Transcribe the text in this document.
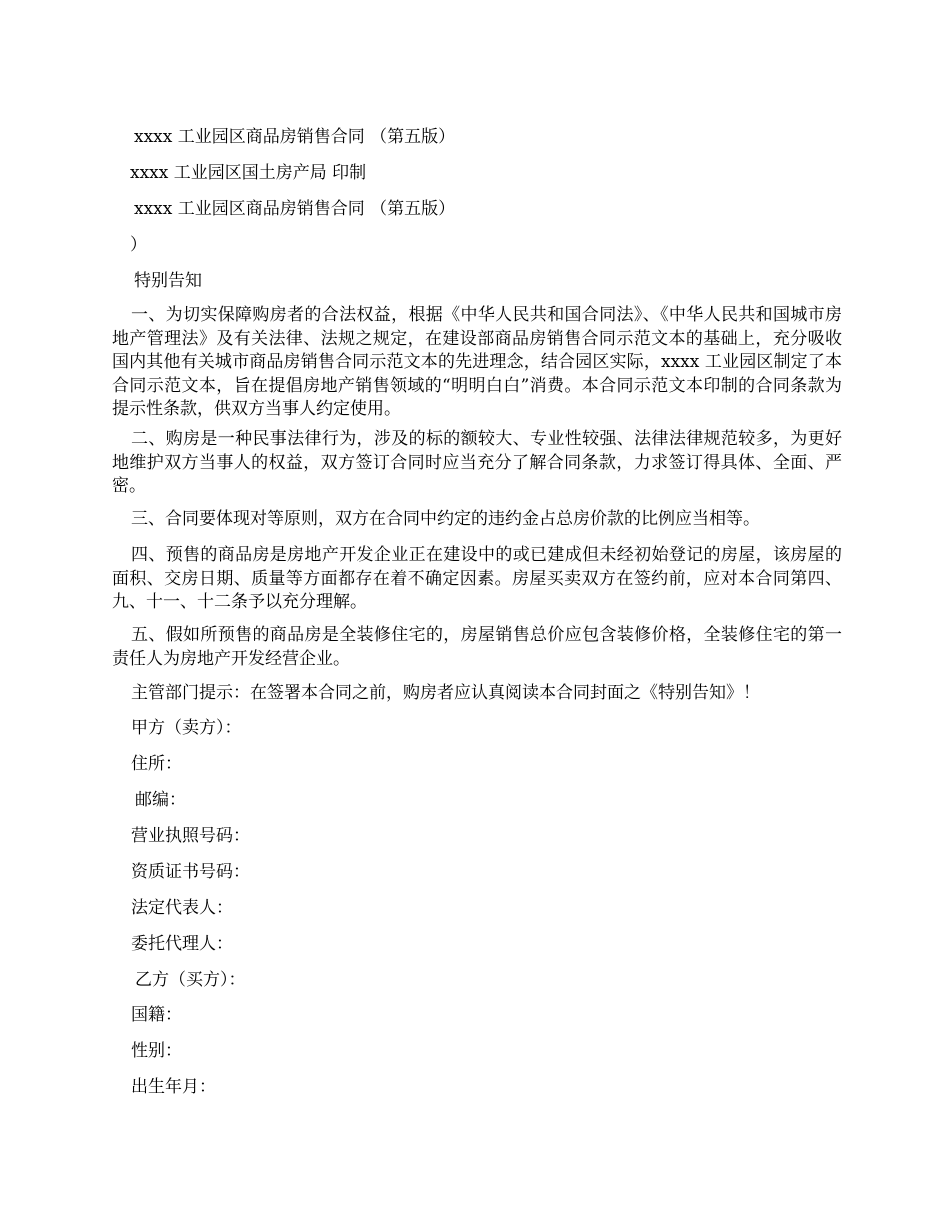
xxxx 工业园区商品房销售合同 （第五版）
xxxx 工业园区国土房产局 印制
xxxx 工业园区商品房销售合同 （第五版）
）
特别告知
一、为切实保障购房者的合法权益，根据《中华人民共和国合同法》、《中华人民共和国城市房地产管理法》及有关法律、法规之规定，在建设部商品房销售合同示范文本的基础上，充分吸收国内其他有关城市商品房销售合同示范文本的先进理念，结合园区实际，xxxx 工业园区制定了本合同示范文本，旨在提倡房地产销售领域的“明明白白”消费。本合同示范文本印制的合同条款为提示性条款，供双方当事人约定使用。
二、购房是一种民事法律行为，涉及的标的额较大、专业性较强、法律法律规范较多，为更好地维护双方当事人的权益，双方签订合同时应当充分了解合同条款，力求签订得具体、全面、严密。
三、合同要体现对等原则，双方在合同中约定的违约金占总房价款的比例应当相等。
四、预售的商品房是房地产开发企业正在建设中的或已建成但未经初始登记的房屋，该房屋的面积、交房日期、质量等方面都存在着不确定因素。房屋买卖双方在签约前，应对本合同第四、九、十一、十二条予以充分理解。
五、假如所预售的商品房是全装修住宅的，房屋销售总价应包含装修价格，全装修住宅的第一责任人为房地产开发经营企业。
主管部门提示：在签署本合同之前，购房者应认真阅读本合同封面之《特别告知》！
甲方（卖方）：
住所：
邮编：
营业执照号码：
资质证书号码：
法定代表人：
委托代理人：
乙方（买方）：
国籍：
性别：
出生年月：
